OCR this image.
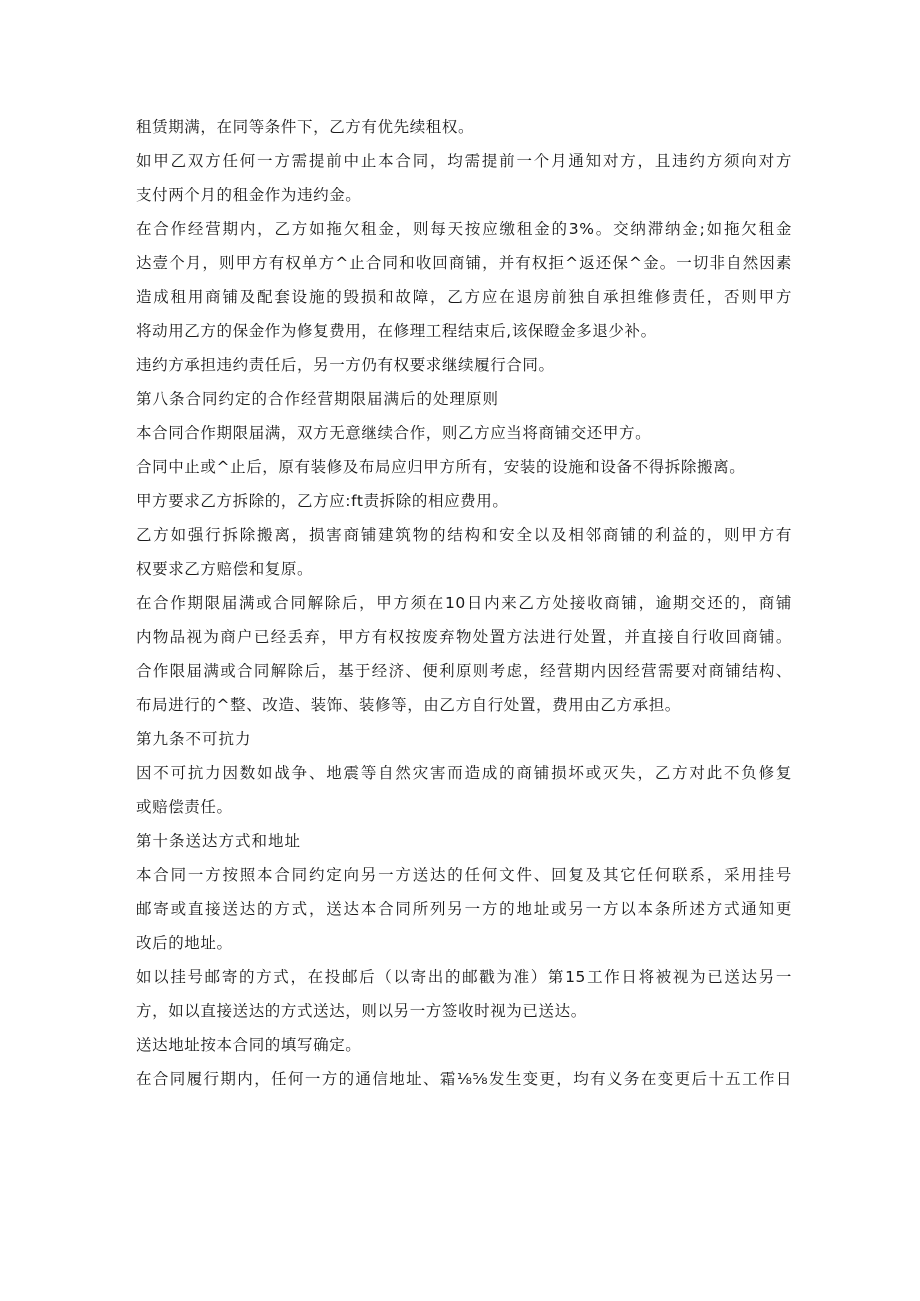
租赁期满，在同等条件下，乙方有优先续租权。
如甲乙双方任何一方需提前中止本合同，均需提前一个月通知对方，且违约方须向对方
支付两个月的租金作为违约金。
在合作经营期内，乙方如拖欠租金，则每天按应缴租金的3%。交纳滞纳金;如拖欠租金
达壹个月，则甲方有权单方^止合同和收回商铺，并有权拒^返还保^金。一切非自然因素
造成租用商铺及配套设施的毁损和故障，乙方应在退房前独自承担维修责任，否则甲方
将动用乙方的保金作为修复费用，在修理工程结束后,该保瞪金多退少补。
违约方承担违约责任后，另一方仍有权要求继续履行合同。
第八条合同约定的合作经营期限届满后的处理原则
本合同合作期限届满，双方无意继续合作，则乙方应当将商铺交还甲方。
合同中止或^止后，原有装修及布局应归甲方所有，安装的设施和设备不得拆除搬离。
甲方要求乙方拆除的，乙方应:ft责拆除的相应费用。
乙方如强行拆除搬离，损害商铺建筑物的结构和安全以及相邻商铺的利益的，则甲方有
权要求乙方赔偿和复原。
在合作期限届满或合同解除后，甲方须在10日内来乙方处接收商铺，逾期交还的，商铺
内物品视为商户已经丢弃，甲方有权按废弃物处置方法进行处置，并直接自行收回商铺。
合作限届满或合同解除后，基于经济、便利原则考虑，经营期内因经营需要对商铺结构、
布局进行的^整、改造、装饰、装修等，由乙方自行处置，费用由乙方承担。
第九条不可抗力
因不可抗力因数如战争、地震等自然灾害而造成的商铺损坏或灭失，乙方对此不负修复
或赔偿责任。
第十条送达方式和地址
本合同一方按照本合同约定向另一方送达的任何文件、回复及其它任何联系，采用挂号
邮寄或直接送达的方式，送达本合同所列另一方的地址或另一方以本条所述方式通知更
改后的地址。
如以挂号邮寄的方式，在投邮后（以寄出的邮戳为准）第15工作日将被视为已送达另一
方，如以直接送达的方式送达，则以另一方签收时视为已送达。
送达地址按本合同的填写确定。
在合同履行期内，任何一方的通信地址、霜⅛⅝发生变更，均有义务在变更后十五工作日
